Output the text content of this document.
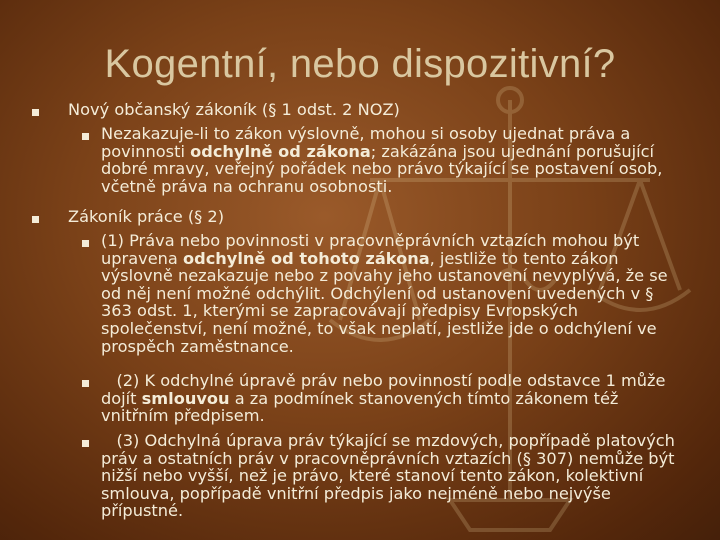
Kogentní, nebo dispozitivní?
Nový občanský zákoník (§ 1 odst. 2 NOZ)
Nezakazuje-li to zákon výslovně, mohou si osoby ujednat práva a povinnosti odchylně od zákona; zakázána jsou ujednání porušující dobré mravy, veřejný pořádek nebo právo týkající se postavení osob, včetně práva na ochranu osobnosti.
Zákoník práce (§ 2)
(1) Práva nebo povinnosti v pracovněprávních vztazích mohou být upravena odchylně od tohoto zákona, jestliže to tento zákon výslovně nezakazuje nebo z povahy jeho ustanovení nevyplývá, že se od něj není možné odchýlit. Odchýlení od ustanovení uvedených v § 363 odst. 1, kterými se zapracovávají předpisy Evropských společenství, není možné, to však neplatí, jestliže jde o odchýlení ve prospěch zaměstnance.
(2) K odchylné úpravě práv nebo povinností podle odstavce 1 může dojít smlouvou a za podmínek stanovených tímto zákonem též vnitřním předpisem.
(3) Odchylná úprava práv týkající se mzdových, popřípadě platových práv a ostatních práv v pracovněprávních vztazích (§ 307) nemůže být nižší nebo vyšší, než je právo, které stanoví tento zákon, kolektivní smlouva, popřípadě vnitřní předpis jako nejméně nebo nejvýše přípustné.
